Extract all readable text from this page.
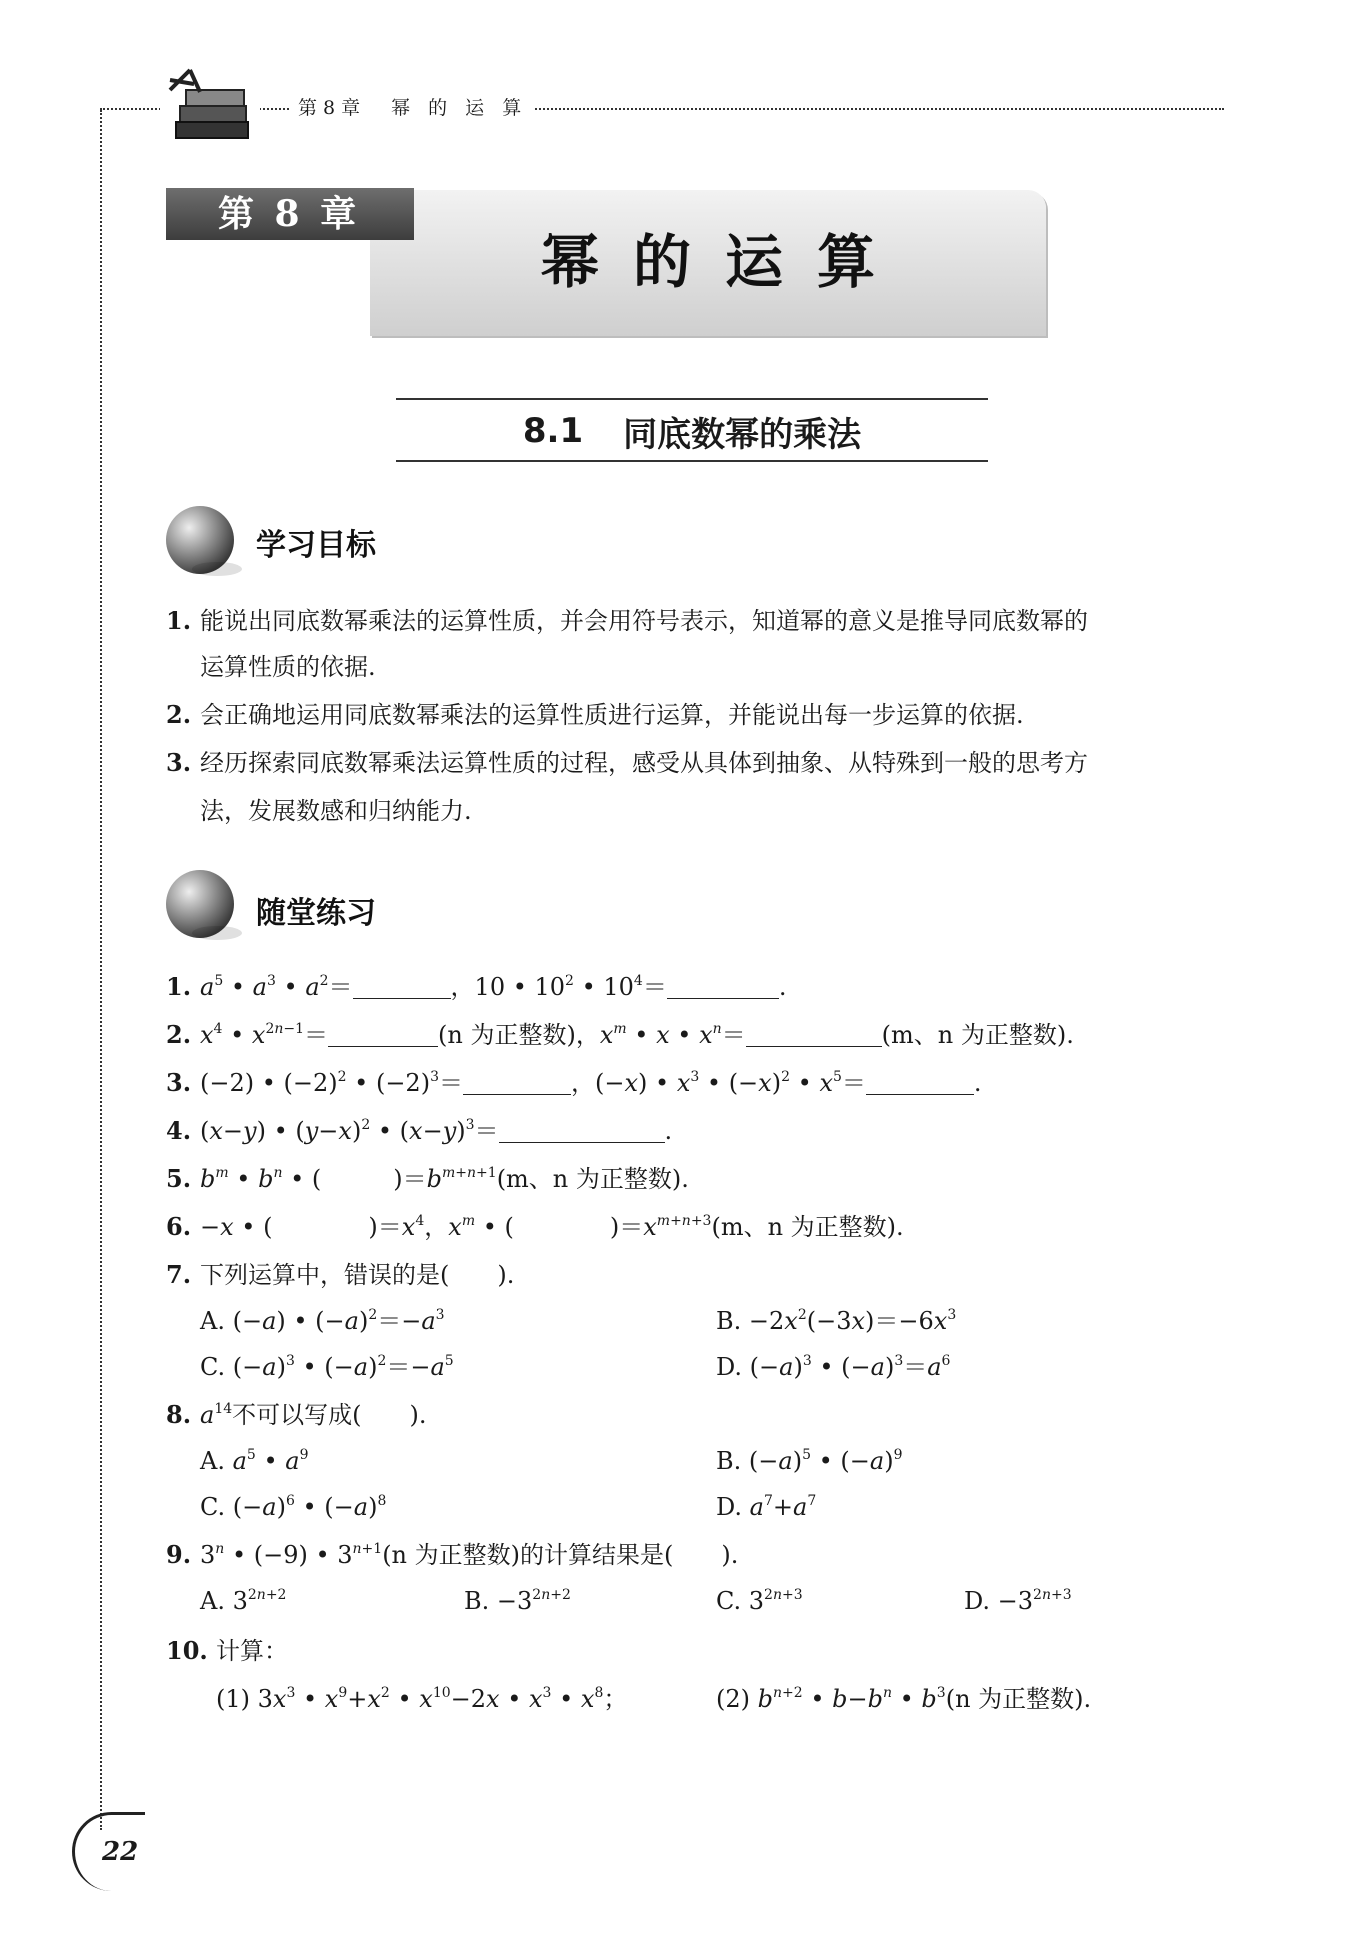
第8章　幂 的 运 算
第 8 章
幂的运算
8.1 同底数幂的乘法
学习目标
1. 能说出同底数幂乘法的运算性质，并会用符号表示，知道幂的意义是推导同底数幂的
运算性质的依据.
2. 会正确地运用同底数幂乘法的运算性质进行运算，并能说出每一步运算的依据.
3. 经历探索同底数幂乘法运算性质的过程，感受从具体到抽象、从特殊到一般的思考方
法，发展数感和归纳能力.
随堂练习
1. $a^5$ • $a^3$ • $a^2=$	，10 • $10^2$ • $10^4=$	.
2. $x^4$ • $x^{2n-1}=$	(n 为正整数)，$x^m$ • x • $x^n=$	(m、n 为正整数).
3. (−2) • $(-2)^2$ • $(-2)^3=$	，(−x) • $x^3$ • $(-x)^2$ • $x^5=$	.
4. (x−y) • $(y-x)^2$ • $(x-y)^3=$	.
5. $b^m$ • $b^n$ • (　　　)$=b^{m+n+1}(m$、n 为正整数).
6. −x • (　　　　)$=x^4$，$x^m$ • (　　　　)$=x^{m+n+3}(m$、n 为正整数).
7. 下列运算中，错误的是(　　).
A. (−a) • $(-a)^2=-a^3$	B. $-2x^2(-3x)=-6x^3$
C. $(-a)^3$ • $(-a)^2=-a^5$	D. $(-a)^3$ • $(-a)^3=a^6$
8. $a^{14}$不可以写成(　　).
A. $a^5$ • $a^9$	B. $(-a)^5$ • $(-a)^9$
C. $(-a)^6$ • $(-a)^8$	D. $a^7+a^7$
9. 3$^n$ • (−9) • $3^{n+1}(n$ 为正整数)的计算结果是(　　).
A. $3^{2n+2}$	B. $-3^{2n+2}$	C. $3^{2n+3}$	D. $-3^{2n+3}$
10. 计算：
(1) $3x^3$ • $x^9+x^2$ • $x^{10}-2x$ • $x^3$ • $x^8$；	(2) $b^{n+2}$ • $b-b^n$ • $b^3(n$ 为正整数).
22
